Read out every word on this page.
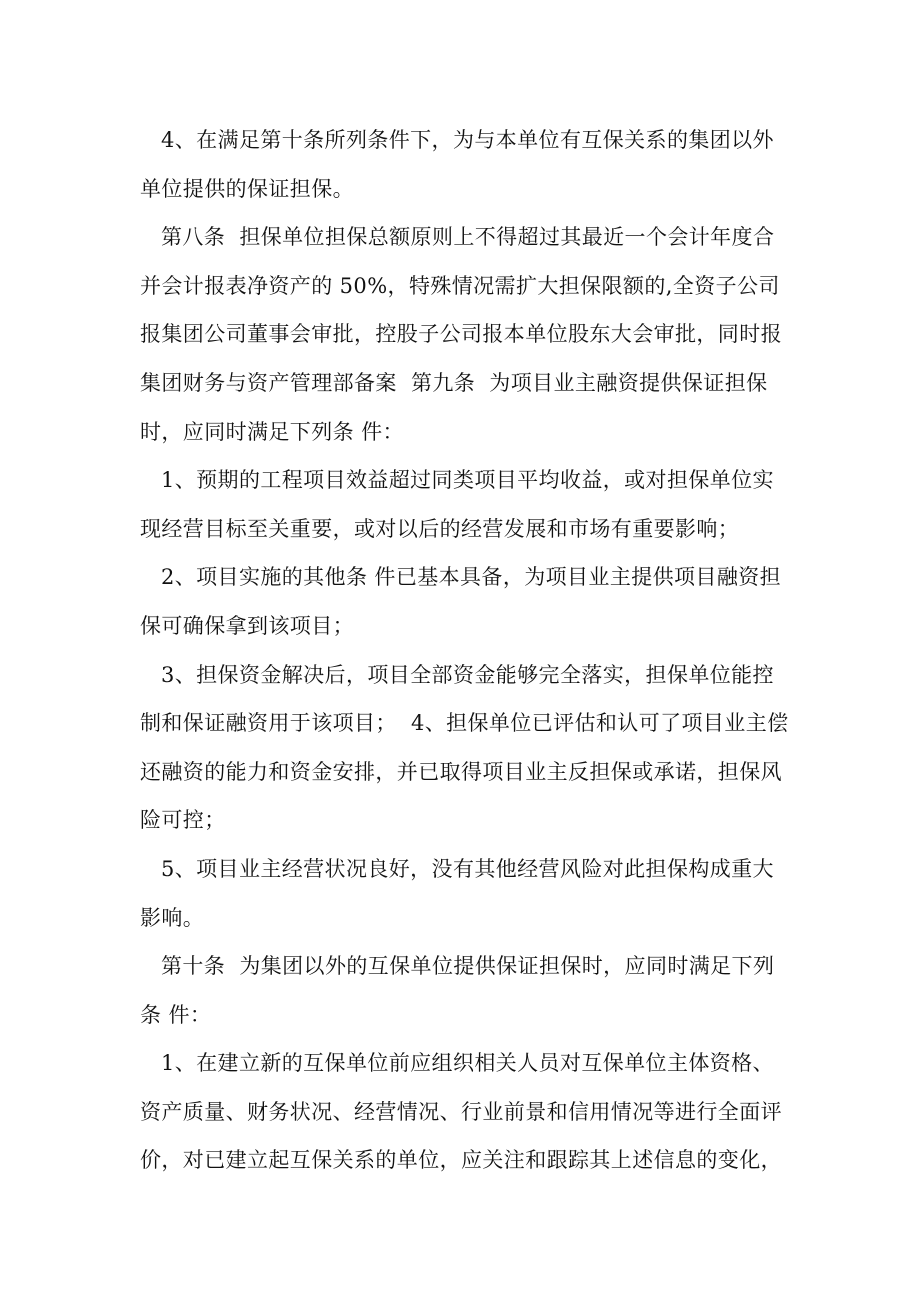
4、在满足第十条所列条件下，为与本单位有互保关系的集团以外单位提供的保证担保。

第八条  担保单位担保总额原则上不得超过其最近一个会计年度合并会计报表净资产的 50%，特殊情况需扩大担保限额的,全资子公司报集团公司董事会审批，控股子公司报本单位股东大会审批，同时报集团财务与资产管理部备案  第九条  为项目业主融资提供保证担保时，应同时满足下列条 件：

1、预期的工程项目效益超过同类项目平均收益，或对担保单位实现经营目标至关重要，或对以后的经营发展和市场有重要影响；

2、项目实施的其他条 件已基本具备，为项目业主提供项目融资担保可确保拿到该项目；

3、担保资金解决后，项目全部资金能够完全落实，担保单位能控制和保证融资用于该项目；  4、担保单位已评估和认可了项目业主偿还融资的能力和资金安排，并已取得项目业主反担保或承诺，担保风险可控；

5、项目业主经营状况良好，没有其他经营风险对此担保构成重大影响。

第十条  为集团以外的互保单位提供保证担保时，应同时满足下列条 件：

1、在建立新的互保单位前应组织相关人员对互保单位主体资格、资产质量、财务状况、经营情况、行业前景和信用情况等进行全面评价，对已建立起互保关系的单位，应关注和跟踪其上述信息的变化，
